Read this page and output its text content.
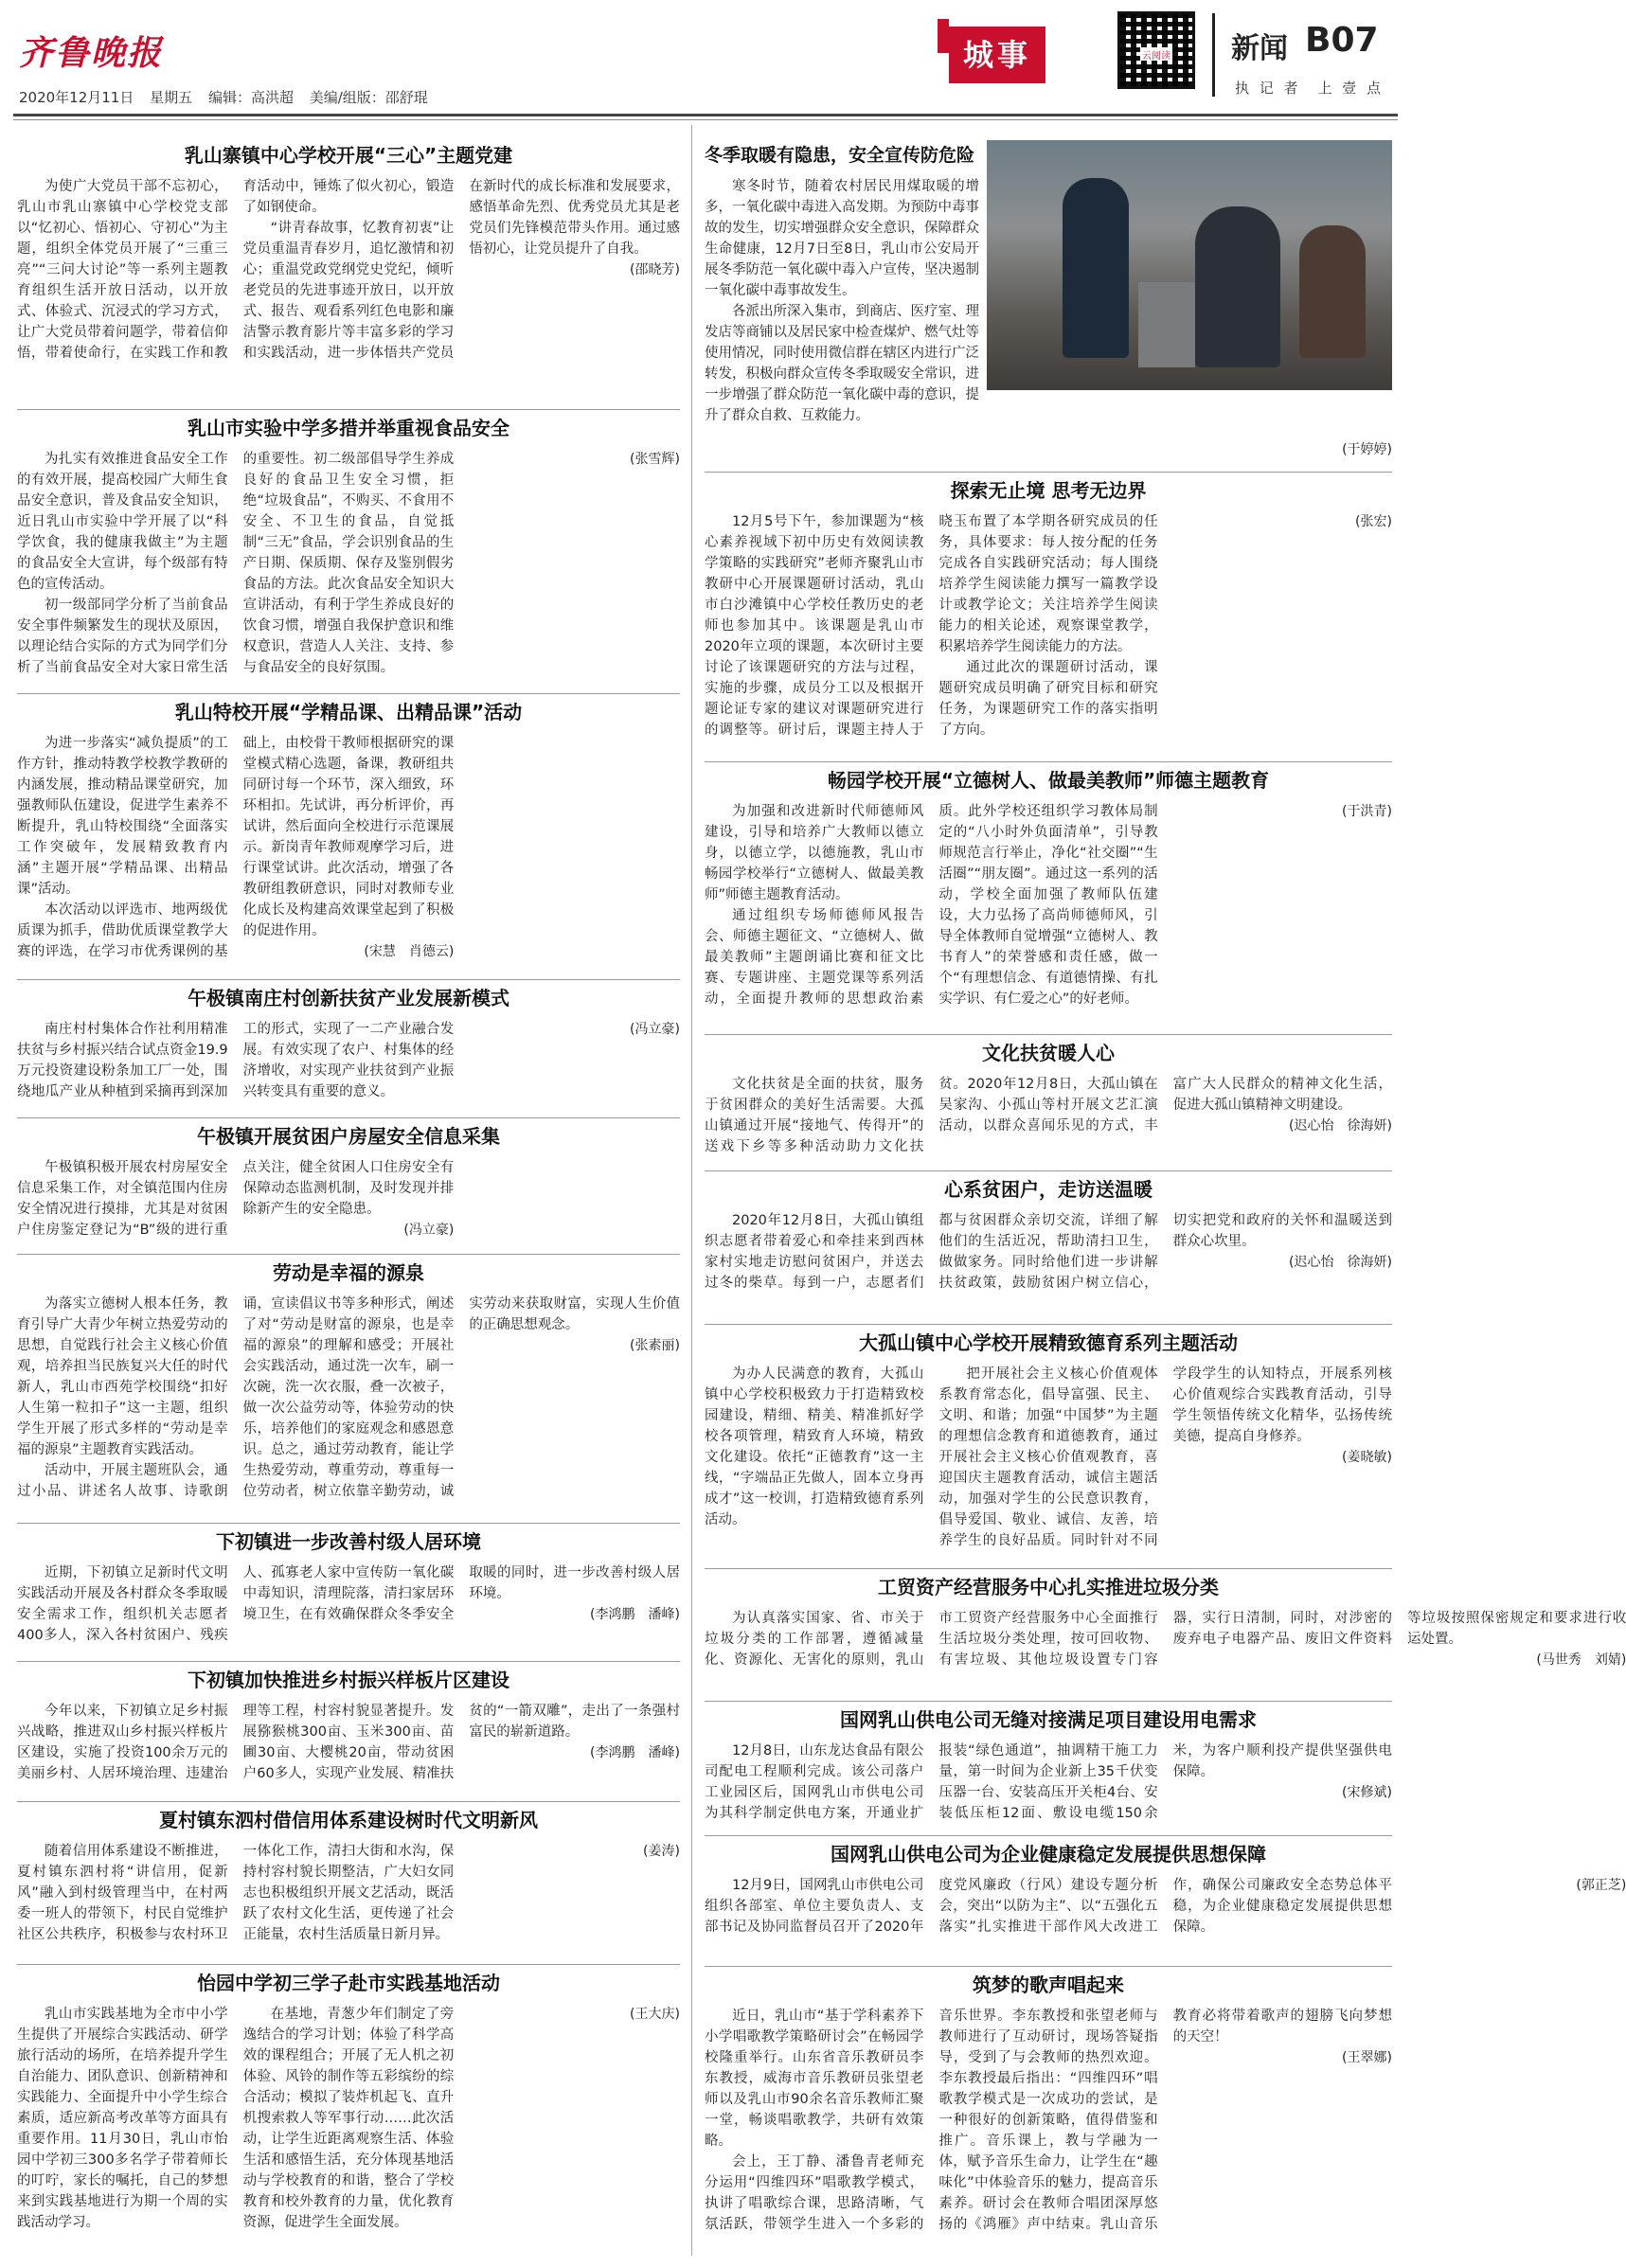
齐鲁晚报
2020年12月11日 星期五 编辑：高洪超 美编/组版：邵舒琨
城事	云阅读 新闻 B07
执 记 者　上 壹 点
乳山寨镇中心学校开展“三心”主题党建

为使广大党员干部不忘初心，乳山市乳山寨镇中心学校党支部以“忆初心、悟初心、守初心”为主题，组织全体党员开展了“三重三亮”“三问大讨论”等一系列主题教育组织生活开放日活动，以开放式、体验式、沉浸式的学习方式，让广大党员带着问题学，带着信仰悟，带着使命行，在实践工作和教育活动中，锤炼了似火初心，锻造了如钢使命。

“讲青春故事，忆教育初衷”让党员重温青春岁月，追忆激情和初心；重温党政党纲党史党纪，倾听老党员的先进事迹开放日，以开放式、报告、观看系列红色电影和廉洁警示教育影片等丰富多彩的学习和实践活动，进一步体悟共产党员在新时代的成长标准和发展要求，感悟革命先烈、优秀党员尤其是老党员们先锋模范带头作用。通过感悟初心，让党员提升了自我。

(邵晓芳)
乳山市实验中学多措并举重视食品安全

为扎实有效推进食品安全工作的有效开展，提高校园广大师生食品安全意识，普及食品安全知识，近日乳山市实验中学开展了以“科学饮食，我的健康我做主”为主题的食品安全大宣讲，每个级部有特色的宣传活动。

初一级部同学分析了当前食品安全事件频繁发生的现状及原因，以理论结合实际的方式为同学们分析了当前食品安全对大家日常生活的重要性。初二级部倡导学生养成良好的食品卫生安全习惯，拒绝“垃圾食品”，不购买、不食用不安全、不卫生的食品，自觉抵制“三无”食品，学会识别食品的生产日期、保质期、保存及鉴别假劣食品的方法。此次食品安全知识大宣讲活动，有利于学生养成良好的饮食习惯，增强自我保护意识和维权意识，营造人人关注、支持、参与食品安全的良好氛围。

(张雪辉)
乳山特校开展“学精品课、出精品课”活动

为进一步落实“减负提质”的工作方针，推动特教学校教学教研的内涵发展，推动精品课堂研究，加强教师队伍建设，促进学生素养不断提升，乳山特校围绕“全面落实工作突破年，发展精致教育内涵”主题开展“学精品课、出精品课”活动。

本次活动以评选市、地两级优质课为抓手，借助优质课堂教学大赛的评选，在学习市优秀课例的基础上，由校骨干教师根据研究的课堂模式精心选题，备课，教研组共同研讨每一个环节，深入细致，环环相扣。先试讲，再分析评价，再试讲，然后面向全校进行示范课展示。新岗青年教师观摩学习后，进行课堂试讲。此次活动，增强了各教研组教研意识，同时对教师专业化成长及构建高效课堂起到了积极的促进作用。

(宋慧　肖德云)
午极镇南庄村创新扶贫产业发展新模式

南庄村村集体合作社利用精准扶贫与乡村振兴结合试点资金19.9万元投资建设粉条加工厂一处，围绕地瓜产业从种植到采摘再到深加工的形式，实现了一二产业融合发展。有效实现了农户、村集体的经济增收，对实现产业扶贫到产业振兴转变具有重要的意义。

(冯立豪)
午极镇开展贫困户房屋安全信息采集

午极镇积极开展农村房屋安全信息采集工作，对全镇范围内住房安全情况进行摸排，尤其是对贫困户住房鉴定登记为“B”级的进行重点关注，健全贫困人口住房安全有保障动态监测机制，及时发现并排除新产生的安全隐患。

(冯立豪)
劳动是幸福的源泉

为落实立德树人根本任务，教育引导广大青少年树立热爱劳动的思想，自觉践行社会主义核心价值观，培养担当民族复兴大任的时代新人，乳山市西苑学校围绕“扣好人生第一粒扣子”这一主题，组织学生开展了形式多样的“劳动是幸福的源泉”主题教育实践活动。

活动中，开展主题班队会，通过小品、讲述名人故事、诗歌朗诵，宣读倡议书等多种形式，阐述了对“劳动是财富的源泉，也是幸福的源泉”的理解和感受；开展社会实践活动，通过洗一次车，刷一次碗，洗一次衣服，叠一次被子，做一次公益劳动等，体验劳动的快乐，培养他们的家庭观念和感恩意识。总之，通过劳动教育，能让学生热爱劳动，尊重劳动，尊重每一位劳动者，树立依靠辛勤劳动，诚实劳动来获取财富，实现人生价值的正确思想观念。

(张素丽)
下初镇进一步改善村级人居环境

近期，下初镇立足新时代文明实践活动开展及各村群众冬季取暖安全需求工作，组织机关志愿者400多人，深入各村贫困户、残疾人、孤寡老人家中宣传防一氧化碳中毒知识，清理院落，清扫家居环境卫生，在有效确保群众冬季安全取暖的同时，进一步改善村级人居环境。

(李鸿鹏　潘峰)
下初镇加快推进乡村振兴样板片区建设

今年以来，下初镇立足乡村振兴战略，推进双山乡村振兴样板片区建设，实施了投资100余万元的美丽乡村、人居环境治理、违建治理等工程，村容村貌显著提升。发展猕猴桃300亩、玉米300亩、苗圃30亩、大樱桃20亩，带动贫困户60多人，实现产业发展、精准扶贫的“一箭双雕”，走出了一条强村富民的崭新道路。

(李鸿鹏　潘峰)
夏村镇东泗村借信用体系建设树时代文明新风

随着信用体系建设不断推进，夏村镇东泗村将“讲信用，促新风”融入到村级管理当中，在村两委一班人的带领下，村民自觉维护社区公共秩序，积极参与农村环卫一体化工作，清扫大街和水沟，保持村容村貌长期整洁，广大妇女同志也积极组织开展文艺活动，既活跃了农村文化生活，更传递了社会正能量，农村生活质量日新月异。

(姜涛)
怡园中学初三学子赴市实践基地活动

乳山市实践基地为全市中小学生提供了开展综合实践活动、研学旅行活动的场所，在培养提升学生自治能力、团队意识、创新精神和实践能力、全面提升中小学生综合素质，适应新高考改革等方面具有重要作用。11月30日，乳山市怡园中学初三300多名学子带着师长的叮咛，家长的嘱托，自己的梦想来到实践基地进行为期一个周的实践活动学习。

在基地，青葱少年们制定了旁逸结合的学习计划；体验了科学高效的课程组合；开展了无人机之初体验、风铃的制作等五彩缤纷的综合活动；模拟了装炸机起飞、直升机搜索救人等军事行动……此次活动，让学生近距离观察生活、体验生活和感悟生活，充分体现基地活动与学校教育的和谐，整合了学校教育和校外教育的力量，优化教育资源，促进学生全面发展。

(王大庆)
冬季取暖有隐患，安全宣传防危险

寒冬时节，随着农村居民用煤取暖的增多，一氧化碳中毒进入高发期。为预防中毒事故的发生，切实增强群众安全意识，保障群众生命健康，12月7日至8日，乳山市公安局开展冬季防范一氧化碳中毒入户宣传，坚决遏制一氧化碳中毒事故发生。

各派出所深入集市，到商店、医疗室、理发店等商铺以及居民家中检查煤炉、燃气灶等使用情况，同时使用微信群在辖区内进行广泛转发，积极向群众宣传冬季取暖安全常识，进一步增强了群众防范一氧化碳中毒的意识，提升了群众自救、互救能力。

(于婷婷)
探索无止境 思考无边界

12月5号下午，参加课题为“核心素养视域下初中历史有效阅读教学策略的实践研究”老师齐聚乳山市教研中心开展课题研讨活动，乳山市白沙滩镇中心学校任教历史的老师也参加其中。该课题是乳山市2020年立项的课题，本次研讨主要讨论了该课题研究的方法与过程，实施的步骤，成员分工以及根据开题论证专家的建议对课题研究进行的调整等。研讨后，课题主持人于晓玉布置了本学期各研究成员的任务，具体要求：每人按分配的任务完成各自实践研究活动；每人围绕培养学生阅读能力撰写一篇教学设计或教学论文；关注培养学生阅读能力的相关论述，观察课堂教学，积累培养学生阅读能力的方法。

通过此次的课题研讨活动，课题研究成员明确了研究目标和研究任务，为课题研究工作的落实指明了方向。

(张宏)
畅园学校开展“立德树人、做最美教师”师德主题教育

为加强和改进新时代师德师风建设，引导和培养广大教师以德立身，以德立学，以德施教，乳山市畅园学校举行“立德树人、做最美教师”师德主题教育活动。

通过组织专场师德师风报告会、师德主题征文、“立德树人、做最美教师”主题朗诵比赛和征文比赛、专题讲座、主题党课等系列活动，全面提升教师的思想政治素质。此外学校还组织学习教体局制定的“八小时外负面清单”，引导教师规范言行举止，净化“社交圈”“生活圈”“朋友圈”。通过这一系列的活动，学校全面加强了教师队伍建设，大力弘扬了高尚师德师风，引导全体教师自觉增强“立德树人、教书育人”的荣誉感和责任感，做一个“有理想信念、有道德情操、有扎实学识、有仁爱之心”的好老师。

(于洪青)
文化扶贫暖人心

文化扶贫是全面的扶贫，服务于贫困群众的美好生活需要。大孤山镇通过开展“接地气、传得开”的送戏下乡等多种活动助力文化扶贫。2020年12月8日，大孤山镇在吴家沟、小孤山等村开展文艺汇演活动，以群众喜闻乐见的方式，丰富广大人民群众的精神文化生活，促进大孤山镇精神文明建设。

(迟心怡　徐海妍)
心系贫困户，走访送温暖

2020年12月8日，大孤山镇组织志愿者带着爱心和牵挂来到西林家村实地走访慰问贫困户，并送去过冬的柴草。每到一户，志愿者们都与贫困群众亲切交流，详细了解他们的生活近况，帮助清扫卫生，做做家务。同时给他们进一步讲解扶贫政策，鼓励贫困户树立信心，切实把党和政府的关怀和温暖送到群众心坎里。

(迟心怡　徐海妍)
大孤山镇中心学校开展精致德育系列主题活动

为办人民满意的教育，大孤山镇中心学校积极致力于打造精致校园建设，精细、精美、精准抓好学校各项管理，精致育人环境，精致文化建设。依托“正德教育”这一主线，“字端品正先做人，固本立身再成才”这一校训，打造精致德育系列活动。

把开展社会主义核心价值观体系教育常态化，倡导富强、民主、文明、和谐；加强“中国梦”为主题的理想信念教育和道德教育，通过开展社会主义核心价值观教育，喜迎国庆主题教育活动，诚信主题活动，加强对学生的公民意识教育，倡导爱国、敬业、诚信、友善，培养学生的良好品质。同时针对不同学段学生的认知特点，开展系列核心价值观综合实践教育活动，引导学生领悟传统文化精华，弘扬传统美德，提高自身修养。

(姜晓敏)
工贸资产经营服务中心扎实推进垃圾分类

为认真落实国家、省、市关于垃圾分类的工作部署，遵循减量化、资源化、无害化的原则，乳山市工贸资产经营服务中心全面推行生活垃圾分类处理，按可回收物、有害垃圾、其他垃圾设置专门容器，实行日清制，同时，对涉密的废弃电子电器产品、废旧文件资料等垃圾按照保密规定和要求进行收运处置。

(马世秀　刘婧)
国网乳山供电公司无缝对接满足项目建设用电需求

12月8日，山东龙达食品有限公司配电工程顺利完成。该公司落户工业园区后，国网乳山市供电公司为其科学制定供电方案，开通业扩报装“绿色通道”，抽调精干施工力量，第一时间为企业新上35千伏变压器一台、安装高压开关柜4台、安装低压柜12面、敷设电缆150余米，为客户顺利投产提供坚强供电保障。

(宋修斌)
国网乳山供电公司为企业健康稳定发展提供思想保障

12月9日，国网乳山市供电公司组织各部室、单位主要负责人、支部书记及协同监督员召开了2020年度党风廉政（行风）建设专题分析会，突出“以防为主”、以“五强化五落实”扎实推进干部作风大改进工作，确保公司廉政安全态势总体平稳，为企业健康稳定发展提供思想保障。

(郭正芝)
筑梦的歌声唱起来

近日，乳山市“基于学科素养下小学唱歌教学策略研讨会”在畅园学校隆重举行。山东省音乐教研员李东教授，威海市音乐教研员张望老师以及乳山市90余名音乐教师汇聚一堂，畅谈唱歌教学，共研有效策略。

会上，王丁静、潘鲁青老师充分运用“四维四环”唱歌教学模式，执讲了唱歌综合课，思路清晰，气氛活跃，带领学生进入一个多彩的音乐世界。李东教授和张望老师与教师进行了互动研讨，现场答疑指导，受到了与会教师的热烈欢迎。李东教授最后指出：“四维四环”唱歌教学模式是一次成功的尝试，是一种很好的创新策略，值得借鉴和推广。音乐课上，教与学融为一体，赋予音乐生命力，让学生在“趣味化”中体验音乐的魅力，提高音乐素养。研讨会在教师合唱团深厚悠扬的《鸿雁》声中结束。乳山音乐教育必将带着歌声的翅膀飞向梦想的天空！

(王翠娜)
